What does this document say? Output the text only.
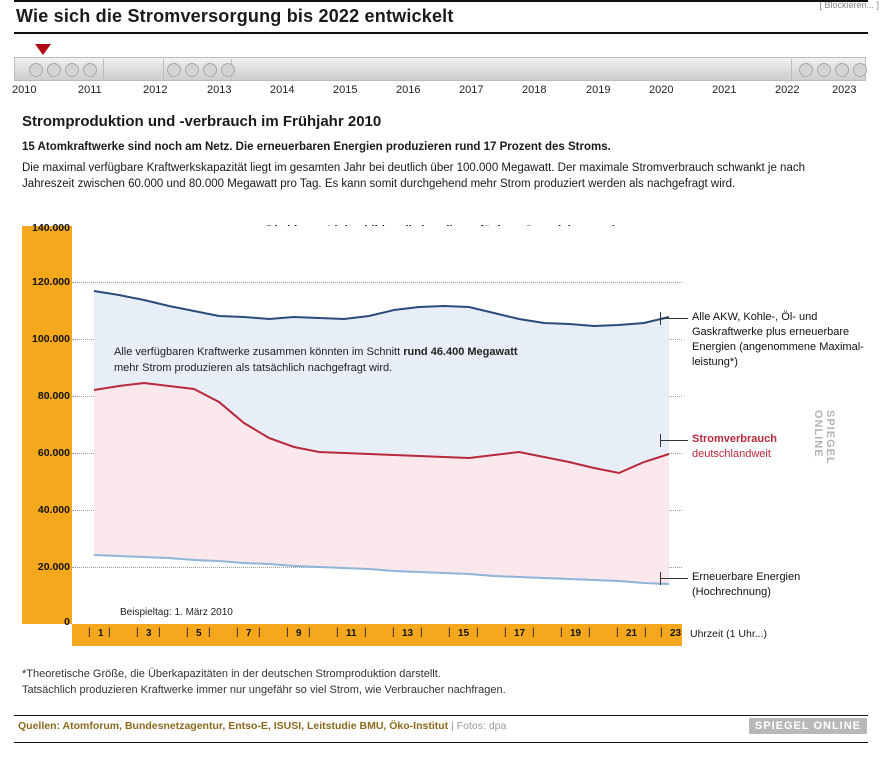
[ Blockieren... ]
Wie sich die Stromversorgung bis 2022 entwickelt
2010	2011	2012	2013	2014	2015	2016	2017	2018	2019	2020	2021	2022	2023
Stromproduktion und -verbrauch im Frühjahr 2010
15 Atomkraftwerke sind noch am Netz. Die erneuerbaren Energien produzieren rund 17 Prozent des Stroms.
Die maximal verfügbare Kraftwerkskapazität liegt im gesamten Jahr bei deutlich über 100.000 Megawatt. Der maximale Stromverbrauch schwankt je nach Jahreszeit zwischen 60.000 und 80.000 Megawatt pro Tag. Es kann somit durchgehend mehr Strom produziert werden als nachgefragt wird.
140.000
120.000
100.000
80.000
60.000
40.000
20.000
0
Alle verfügbaren Kraftwerke zusammen könnten im Schnitt rund 46.400 Megawatt
mehr Strom produzieren als tatsächlich nachgefragt wird.
Beispieltag: 1. März 2010
| 1 |	| 3 |	| 5 |	| 7 |	| 9 |	| 11 |	| 13 |	| 15 |	| 17 |	| 19 |	| 21 | | 23 Uhrzeit (1 Uhr...)
Alle AKW, Kohle-, Öl- und Gaskraftwerke plus erneuerbare Energien (angenommene Maximal-leistung*)
Stromverbrauch
deutschlandweit
Erneuerbare Energien (Hochrechnung)
SPIEGEL ONLINE
*Theoretische Größe, die Überkapazitäten in der deutschen Stromproduktion darstellt.
Tatsächlich produzieren Kraftwerke immer nur ungefähr so viel Strom, wie Verbraucher nachfragen.
Quellen: Atomforum, Bundesnetzagentur, Entso-E, ISUSI, Leitstudie BMU, Öko-Institut | Fotos: dpa	SPIEGEL ONLINE
